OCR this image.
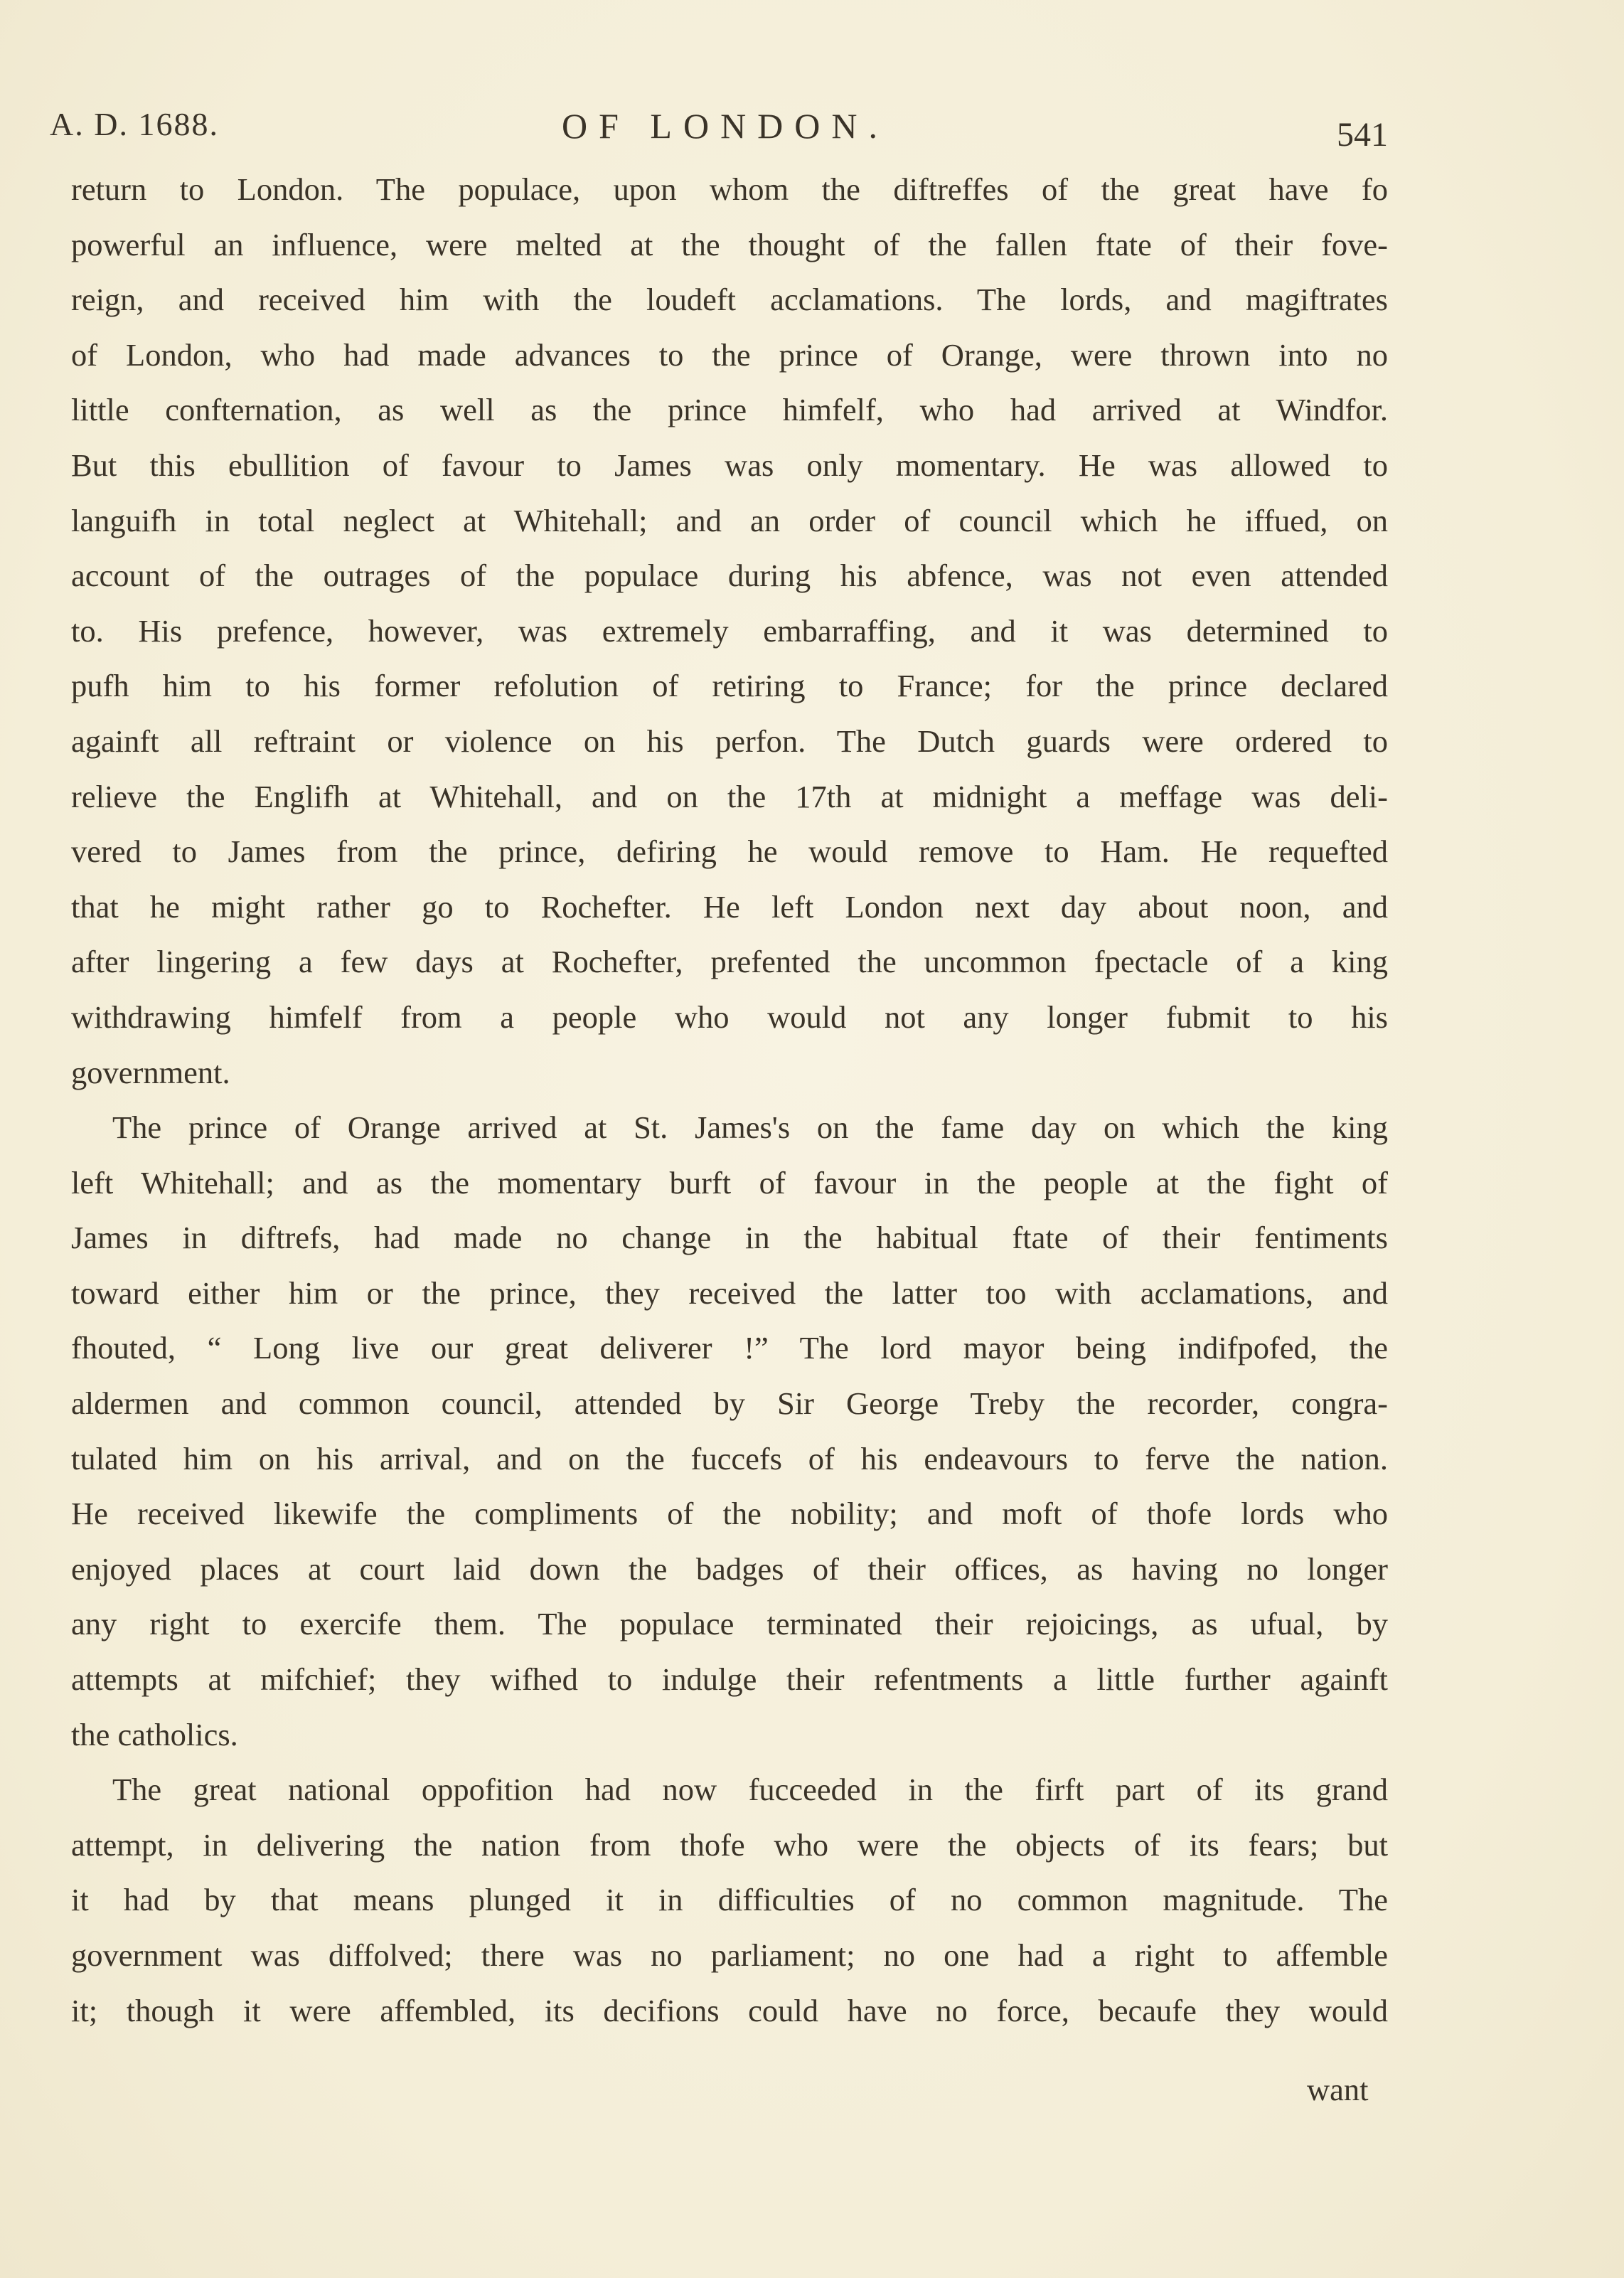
A. D. 1688.	OF LONDON.	541
return to London. The populace, upon whom the diftreffes of the great have fo
powerful an influence, were melted at the thought of the fallen ftate of their fove-
reign, and received him with the loudeft acclamations. The lords, and magiftrates
of London, who had made advances to the prince of Orange, were thrown into no
little confternation, as well as the prince himfelf, who had arrived at Windfor.
But this ebullition of favour to James was only momentary. He was allowed to
languifh in total neglect at Whitehall; and an order of council which he iffued, on
account of the outrages of the populace during his abfence, was not even attended
to. His prefence, however, was extremely embarraffing, and it was determined to
pufh him to his former refolution of retiring to France; for the prince declared
againft all reftraint or violence on his perfon. The Dutch guards were ordered to
relieve the Englifh at Whitehall, and on the 17th at midnight a meffage was deli-
vered to James from the prince, defiring he would remove to Ham. He requefted
that he might rather go to Rochefter. He left London next day about noon, and
after lingering a few days at Rochefter, prefented the uncommon fpectacle of a king
withdrawing himfelf from a people who would not any longer fubmit to his
government.
The prince of Orange arrived at St. James's on the fame day on which the king
left Whitehall; and as the momentary burft of favour in the people at the fight of
James in diftrefs, had made no change in the habitual ftate of their fentiments
toward either him or the prince, they received the latter too with acclamations, and
fhouted, “ Long live our great deliverer !” The lord mayor being indifpofed, the
aldermen and common council, attended by Sir George Treby the recorder, congra-
tulated him on his arrival, and on the fuccefs of his endeavours to ferve the nation.
He received likewife the compliments of the nobility; and moft of thofe lords who
enjoyed places at court laid down the badges of their offices, as having no longer
any right to exercife them. The populace terminated their rejoicings, as ufual, by
attempts at mifchief; they wifhed to indulge their refentments a little further againft
the catholics.
The great national oppofition had now fucceeded in the firft part of its grand
attempt, in delivering the nation from thofe who were the objects of its fears; but
it had by that means plunged it in difficulties of no common magnitude. The
government was diffolved; there was no parliament; no one had a right to affemble
it; though it were affembled, its decifions could have no force, becaufe they would
want
